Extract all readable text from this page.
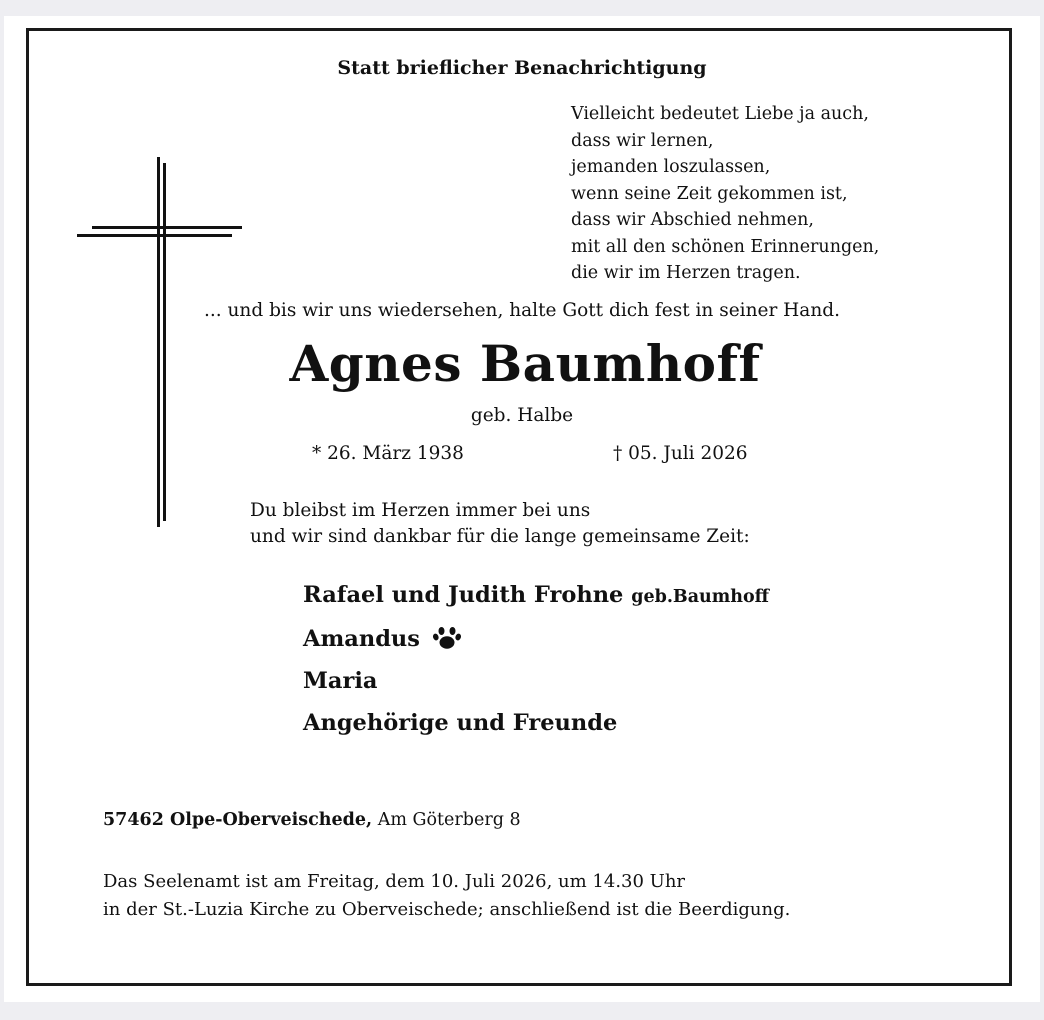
Statt brieflicher Benachrichtigung
Vielleicht bedeutet Liebe ja auch,
dass wir lernen,
jemanden loszulassen,
wenn seine Zeit gekommen ist,
dass wir Abschied nehmen,
mit all den schönen Erinnerungen,
die wir im Herzen tragen.
... und bis wir uns wiedersehen, halte Gott dich fest in seiner Hand.
Agnes Baumhoff
geb. Halbe
* 26. März 1938	† 05. Juli 2026
Du bleibst im Herzen immer bei uns
und wir sind dankbar für die lange gemeinsame Zeit:
Rafael und Judith Frohne geb.Baumhoff
Amandus
Maria
Angehörige und Freunde
57462 Olpe-Oberveischede, Am Göterberg 8
Das Seelenamt ist am Freitag, dem 10. Juli 2026, um 14.30 Uhr
in der St.-Luzia Kirche zu Oberveischede; anschließend ist die Beerdigung.
